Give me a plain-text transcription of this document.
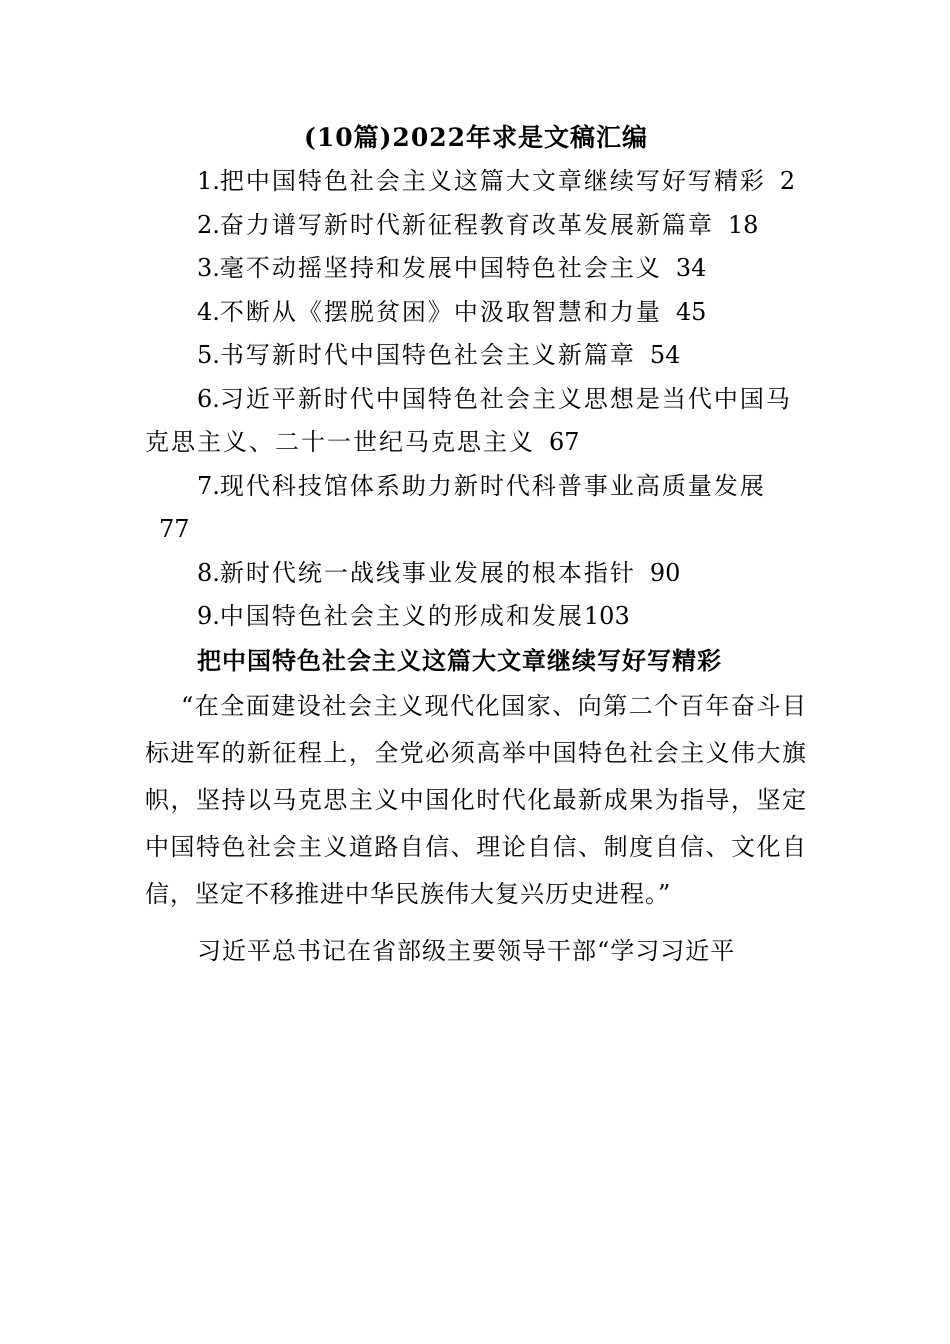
(10篇)2022年求是文稿汇编
1.把中国特色社会主义这篇大文章继续写好写精彩 2
2.奋力谱写新时代新征程教育改革发展新篇章 18
3.毫不动摇坚持和发展中国特色社会主义 34
4.不断从《摆脱贫困》中汲取智慧和力量 45
5.书写新时代中国特色社会主义新篇章 54
6.习近平新时代中国特色社会主义思想是当代中国马克思主义、二十一世纪马克思主义 67
7.现代科技馆体系助力新时代科普事业高质量发展77
8.新时代统一战线事业发展的根本指针 90
9.中国特色社会主义的形成和发展103

把中国特色社会主义这篇大文章继续写好写精彩

“在全面建设社会主义现代化国家、向第二个百年奋斗目标进军的新征程上，全党必须高举中国特色社会主义伟大旗帜，坚持以马克思主义中国化时代化最新成果为指导，坚定中国特色社会主义道路自信、理论自信、制度自信、文化自信，坚定不移推进中华民族伟大复兴历史进程。”

习近平总书记在省部级主要领导干部“学习习近平
